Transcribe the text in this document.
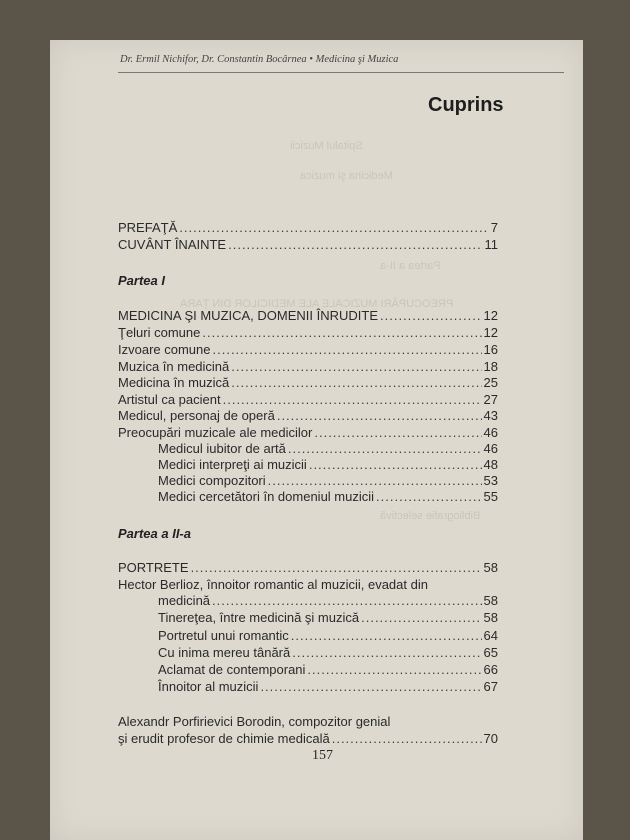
Dr. Ermil Nichifor, Dr. Constantin Bocârnea • Medicina şi Muzica
Cuprins
Spitalul Muzicii
Medicina şi muzica
Partea a II-a
PREOCUPĂRI MUZICALE ALE MEDICILOR DIN ŢARA
Bibliografie selectivă
PREFAŢĂ .....	7
CUVÂNT ÎNAINTE .....	11
Partea I
MEDICINA ŞI MUZICA, DOMENII ÎNRUDITE .....	12
Ţeluri comune .....	12
Izvoare comune .....	16
Muzica în medicină .....	18
Medicina în muzică .....	25
Artistul ca pacient .....	27
Medicul, personaj de operă .....	43
Preocupări muzicale ale medicilor .....	46
Medicul iubitor de artă .....	46
Medici interpreţi ai muzicii .....	48
Medici compozitori .....	53
Medici cercetători în domeniul muzicii .....	55
Partea a II-a
PORTRETE .....	58
Hector Berlioz, înnoitor romantic al muzicii, evadat din
medicină .....	58
Tinereţea, între medicină şi muzică .....	58
Portretul unui romantic .....	64
Cu inima mereu tânără .....	65
Aclamat de contemporani .....	66
Înnoitor al muzicii .....	67
Alexandr Porfirievici Borodin, compozitor genial
şi erudit profesor de chimie medicală .....	70
157
